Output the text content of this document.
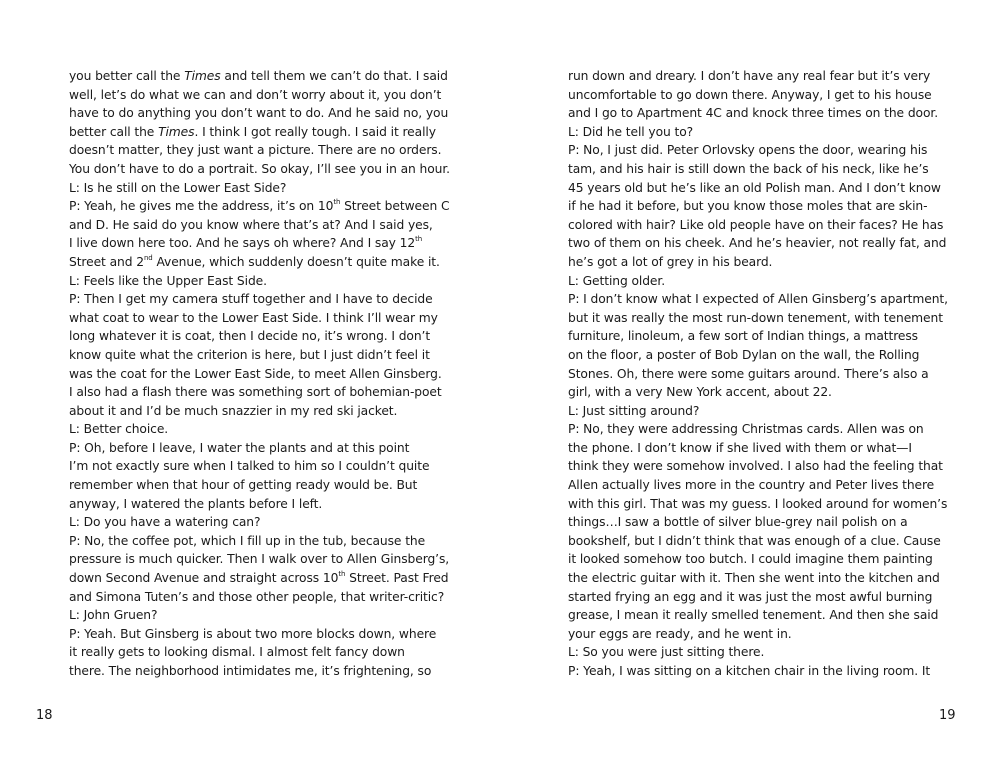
you better call the Times and tell them we can’t do that. I said
well, let’s do what we can and don’t worry about it, you don’t
have to do anything you don’t want to do. And he said no, you
better call the Times. I think I got really tough. I said it really
doesn’t matter, they just want a picture. There are no orders.
You don’t have to do a portrait. So okay, I’ll see you in an hour.
L: Is he still on the Lower East Side?
P: Yeah, he gives me the address, it’s on 10th Street between C
and D. He said do you know where that’s at? And I said yes,
I live down here too. And he says oh where? And I say 12th
Street and 2nd Avenue, which suddenly doesn’t quite make it.
L: Feels like the Upper East Side.
P: Then I get my camera stuff together and I have to decide
what coat to wear to the Lower East Side. I think I’ll wear my
long whatever it is coat, then I decide no, it’s wrong. I don’t
know quite what the criterion is here, but I just didn’t feel it
was the coat for the Lower East Side, to meet Allen Ginsberg.
I also had a flash there was something sort of bohemian-poet
about it and I’d be much snazzier in my red ski jacket.
L: Better choice.
P: Oh, before I leave, I water the plants and at this point
I’m not exactly sure when I talked to him so I couldn’t quite
remember when that hour of getting ready would be. But
anyway, I watered the plants before I left.
L: Do you have a watering can?
P: No, the coffee pot, which I fill up in the tub, because the
pressure is much quicker. Then I walk over to Allen Ginsberg’s,
down Second Avenue and straight across 10th Street. Past Fred
and Simona Tuten’s and those other people, that writer-critic?
L: John Gruen?
P: Yeah. But Ginsberg is about two more blocks down, where
it really gets to looking dismal. I almost felt fancy down
there. The neighborhood intimidates me, it’s frightening, so
18
run down and dreary. I don’t have any real fear but it’s very
uncomfortable to go down there. Anyway, I get to his house
and I go to Apartment 4C and knock three times on the door.
L: Did he tell you to?
P: No, I just did. Peter Orlovsky opens the door, wearing his
tam, and his hair is still down the back of his neck, like he’s
45 years old but he’s like an old Polish man. And I don’t know
if he had it before, but you know those moles that are skin-
colored with hair? Like old people have on their faces? He has
two of them on his cheek. And he’s heavier, not really fat, and
he’s got a lot of grey in his beard.
L: Getting older.
P: I don’t know what I expected of Allen Ginsberg’s apartment,
but it was really the most run-down tenement, with tenement
furniture, linoleum, a few sort of Indian things, a mattress
on the floor, a poster of Bob Dylan on the wall, the Rolling
Stones. Oh, there were some guitars around. There’s also a
girl, with a very New York accent, about 22.
L: Just sitting around?
P: No, they were addressing Christmas cards. Allen was on
the phone. I don’t know if she lived with them or what—I
think they were somehow involved. I also had the feeling that
Allen actually lives more in the country and Peter lives there
with this girl. That was my guess. I looked around for women’s
things…I saw a bottle of silver blue-grey nail polish on a
bookshelf, but I didn’t think that was enough of a clue. Cause
it looked somehow too butch. I could imagine them painting
the electric guitar with it. Then she went into the kitchen and
started frying an egg and it was just the most awful burning
grease, I mean it really smelled tenement. And then she said
your eggs are ready, and he went in.
L: So you were just sitting there.
P: Yeah, I was sitting on a kitchen chair in the living room. It
19
